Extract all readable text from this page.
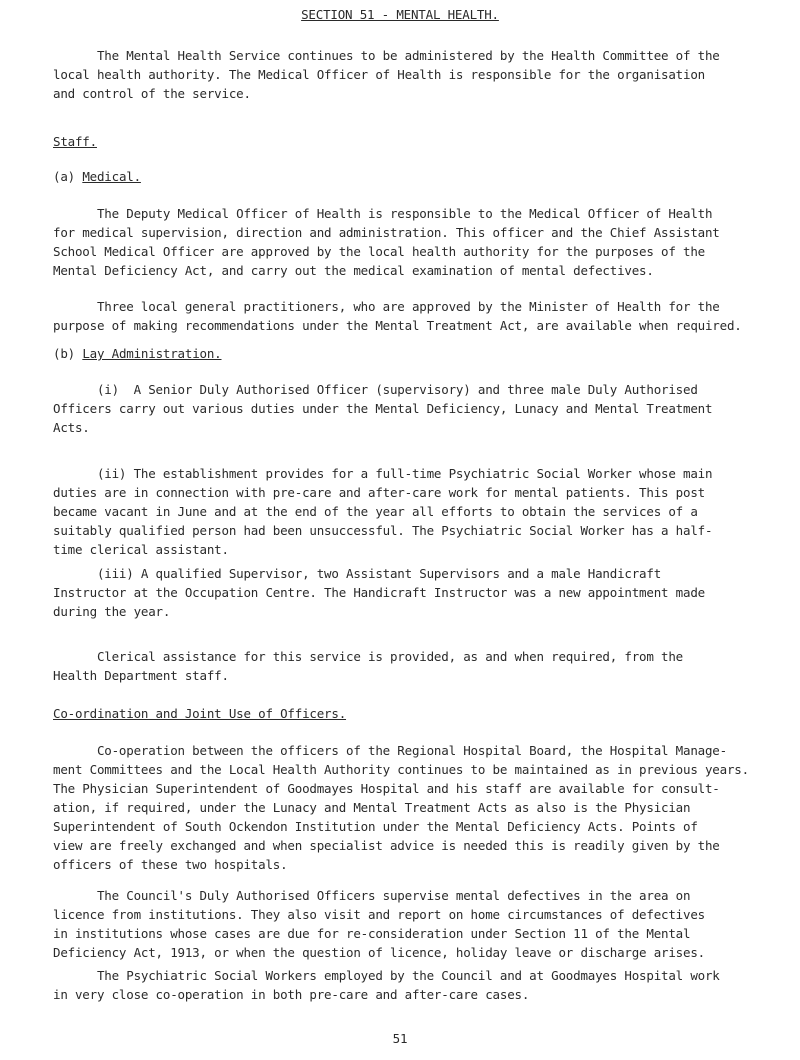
SECTION 51 - MENTAL HEALTH.

The Mental Health Service continues to be administered by the Health Committee of the
local health authority. The Medical Officer of Health is responsible for the organisation
and control of the service.

Staff.
(a) Medical.

The Deputy Medical Officer of Health is responsible to the Medical Officer of Health
for medical supervision, direction and administration. This officer and the Chief Assistant
School Medical Officer are approved by the local health authority for the purposes of the
Mental Deficiency Act, and carry out the medical examination of mental defectives.

Three local general practitioners, who are approved by the Minister of Health for the
purpose of making recommendations under the Mental Treatment Act, are available when required.

(b) Lay Administration.

(i)  A Senior Duly Authorised Officer (supervisory) and three male Duly Authorised
Officers carry out various duties under the Mental Deficiency, Lunacy and Mental Treatment
Acts.

(ii) The establishment provides for a full-time Psychiatric Social Worker whose main
duties are in connection with pre-care and after-care work for mental patients. This post
became vacant in June and at the end of the year all efforts to obtain the services of a
suitably qualified person had been unsuccessful. The Psychiatric Social Worker has a half-
time clerical assistant.

(iii) A qualified Supervisor, two Assistant Supervisors and a male Handicraft
Instructor at the Occupation Centre. The Handicraft Instructor was a new appointment made
during the year.

Clerical assistance for this service is provided, as and when required, from the
Health Department staff.

Co-ordination and Joint Use of Officers.

Co-operation between the officers of the Regional Hospital Board, the Hospital Manage-
ment Committees and the Local Health Authority continues to be maintained as in previous years.
The Physician Superintendent of Goodmayes Hospital and his staff are available for consult-
ation, if required, under the Lunacy and Mental Treatment Acts as also is the Physician
Superintendent of South Ockendon Institution under the Mental Deficiency Acts. Points of
view are freely exchanged and when specialist advice is needed this is readily given by the
officers of these two hospitals.

The Council's Duly Authorised Officers supervise mental defectives in the area on
licence from institutions. They also visit and report on home circumstances of defectives
in institutions whose cases are due for re-consideration under Section 11 of the Mental
Deficiency Act, 1913, or when the question of licence, holiday leave or discharge arises.

The Psychiatric Social Workers employed by the Council and at Goodmayes Hospital work
in very close co-operation in both pre-care and after-care cases.

51
